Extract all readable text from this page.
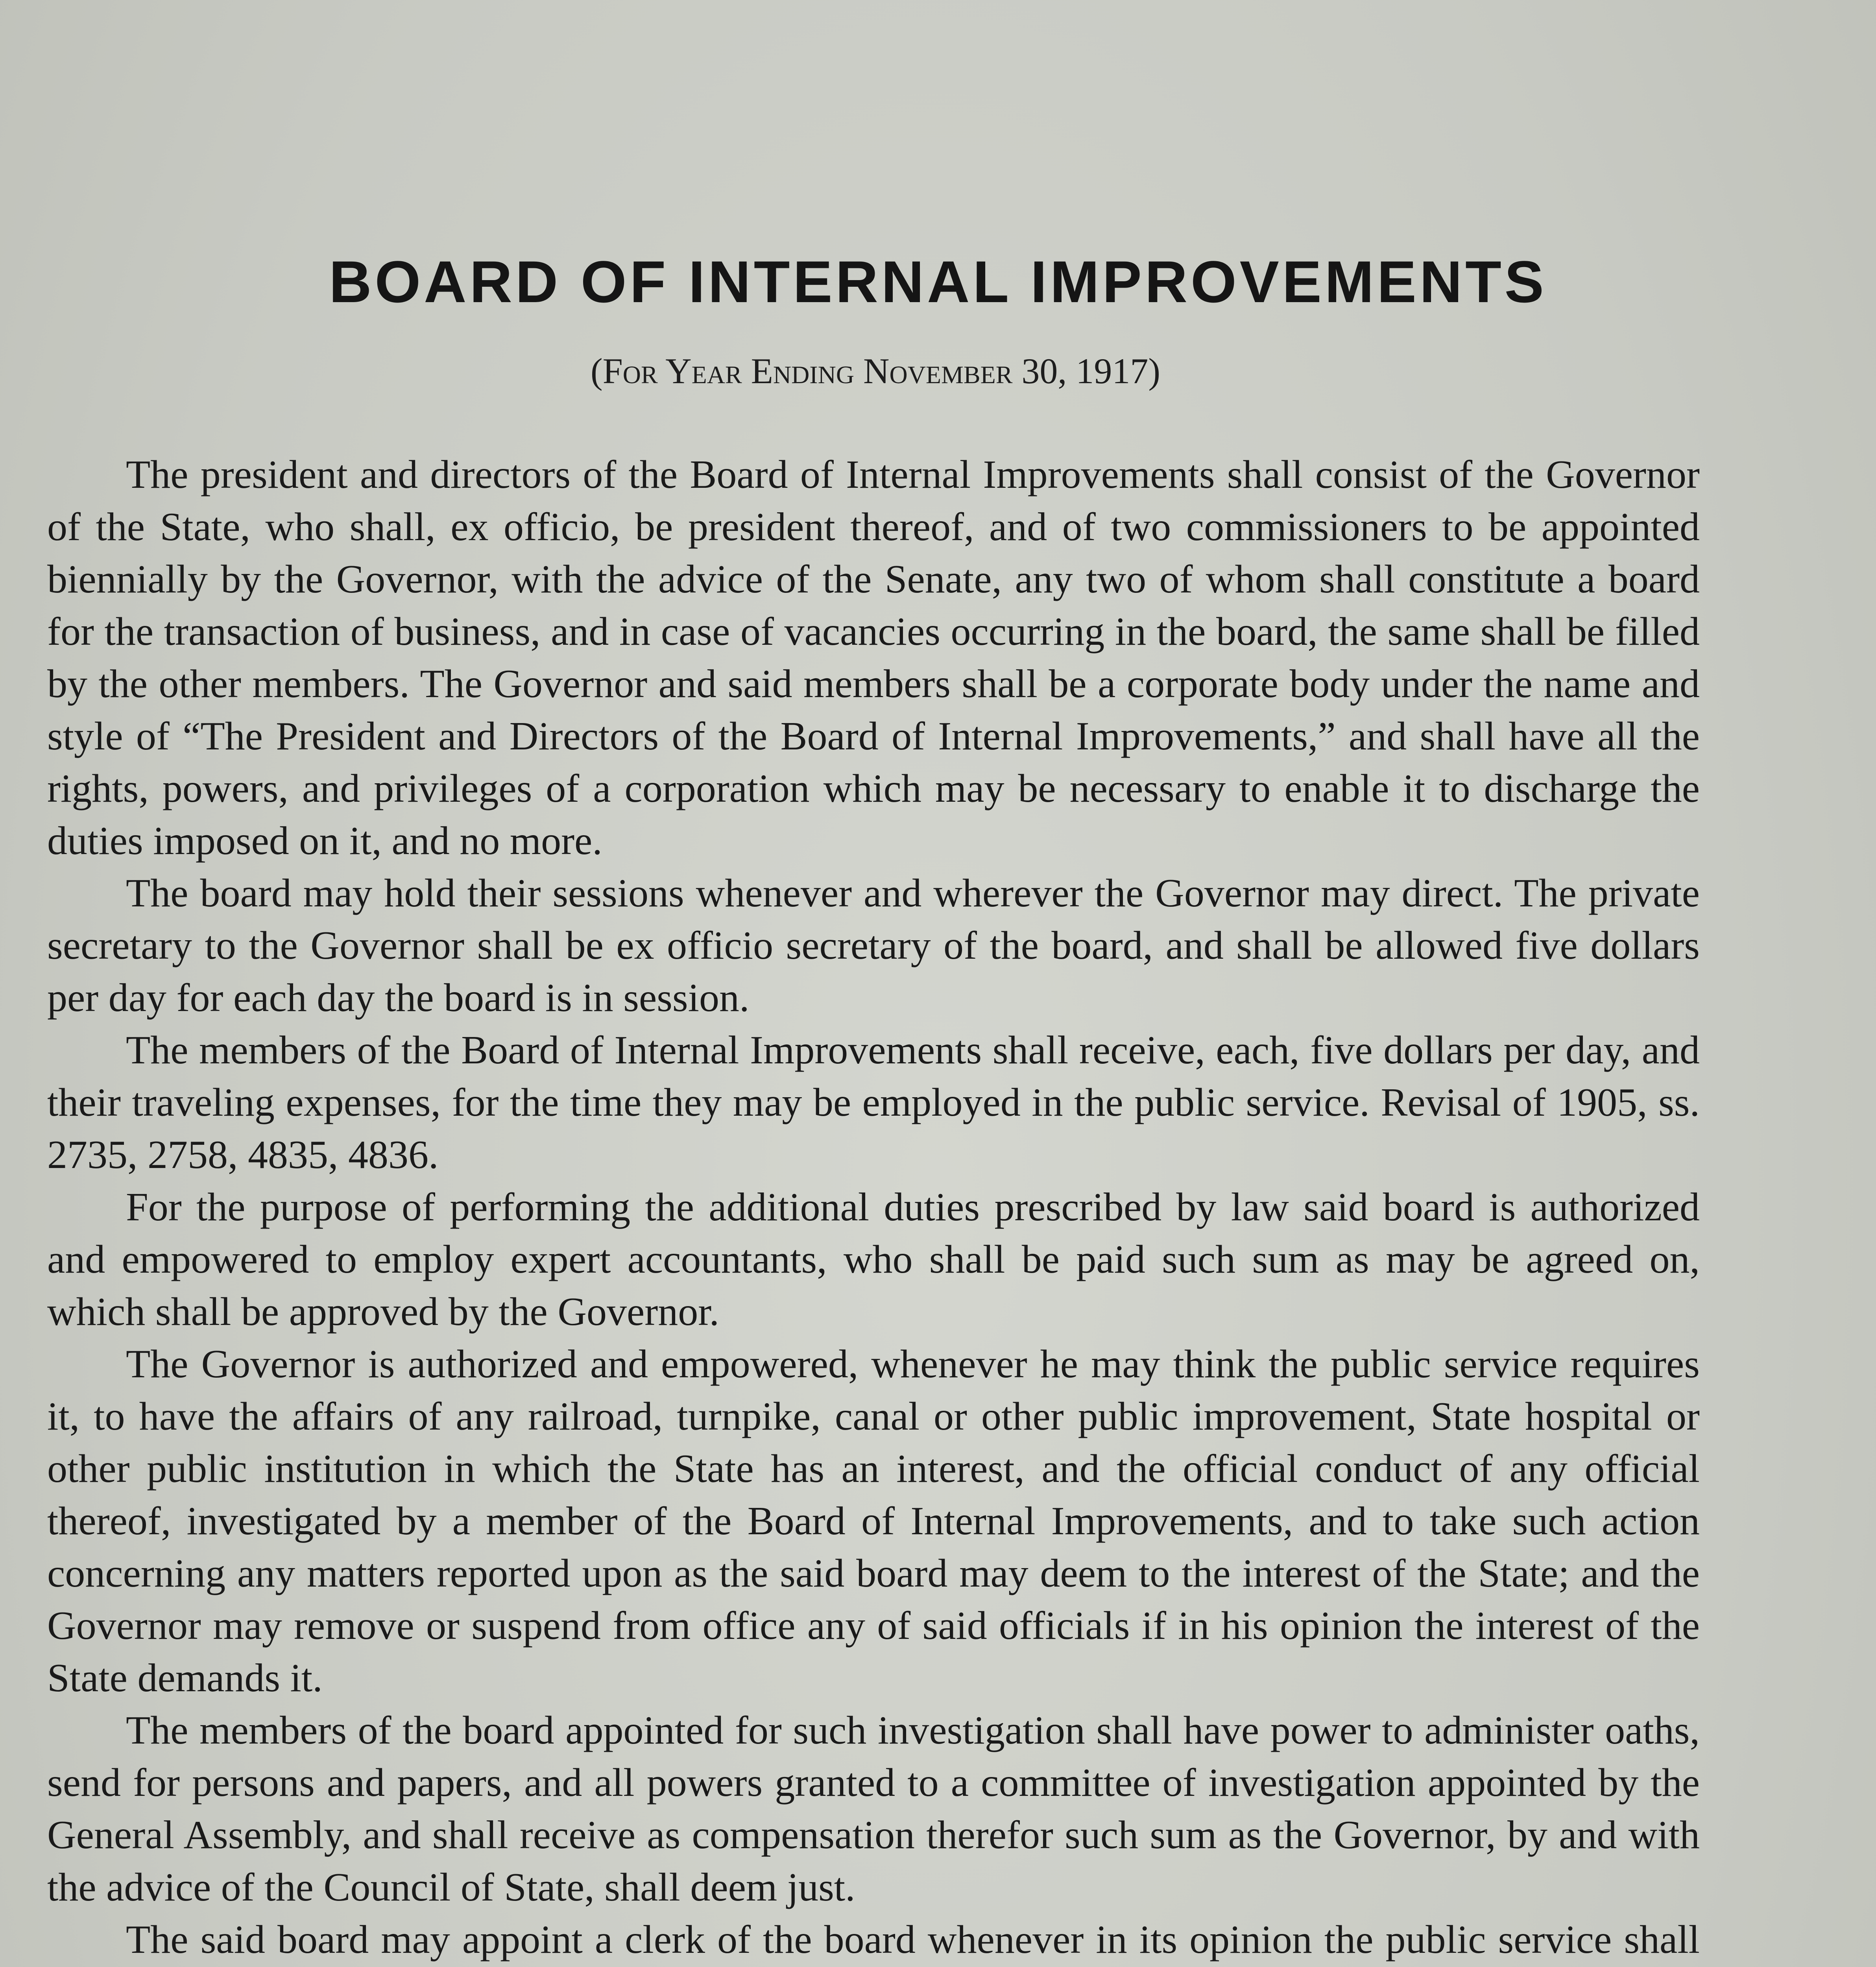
BOARD OF INTERNAL IMPROVEMENTS
(For Year Ending November 30, 1917)

The president and directors of the Board of Internal Improvements shall consist of the Governor of the State, who shall, ex officio, be president thereof, and of two commissioners to be appointed biennially by the Governor, with the advice of the Senate, any two of whom shall constitute a board for the transaction of business, and in case of vacancies occurring in the board, the same shall be filled by the other members. The Governor and said members shall be a corporate body under the name and style of “The President and Directors of the Board of Internal Improvements,” and shall have all the rights, powers, and privileges of a corporation which may be necessary to enable it to discharge the duties imposed on it, and no more.

The board may hold their sessions whenever and wherever the Governor may direct. The private secretary to the Governor shall be ex officio secretary of the board, and shall be allowed five dollars per day for each day the board is in session.

The members of the Board of Internal Improvements shall receive, each, five dollars per day, and their traveling expenses, for the time they may be employed in the public service. Revisal of 1905, ss. 2735, 2758, 4835, 4836.

For the purpose of performing the additional duties prescribed by law said board is authorized and empowered to employ expert accountants, who shall be paid such sum as may be agreed on, which shall be approved by the Governor.

The Governor is authorized and empowered, whenever he may think the public service requires it, to have the affairs of any railroad, turnpike, canal or other public improvement, State hospital or other public institution in which the State has an interest, and the official conduct of any official thereof, investigated by a member of the Board of Internal Improvements, and to take such action concerning any matters reported upon as the said board may deem to the interest of the State; and the Governor may remove or suspend from office any of said officials if in his opinion the interest of the State demands it.

The members of the board appointed for such investigation shall have power to administer oaths, send for persons and papers, and all powers granted to a committee of investigation appointed by the General Assembly, and shall receive as compensation therefor such sum as the Governor, by and with the advice of the Council of State, shall deem just.

The said board may appoint a clerk of the board whenever in its opinion the public service shall
